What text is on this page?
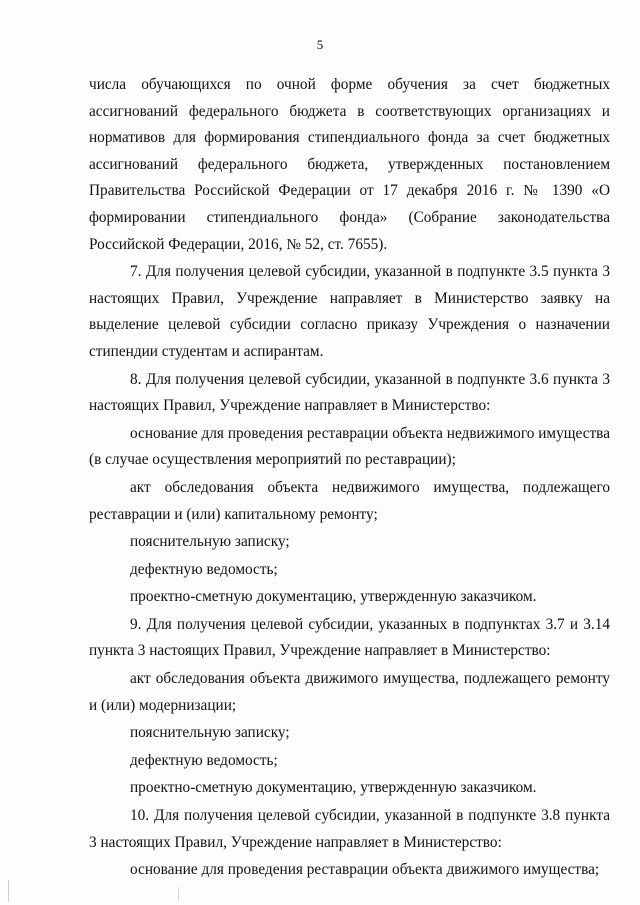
5

числа обучающихся по очной форме обучения за счет бюджетных ассигнований федерального бюджета в соответствующих организациях и нормативов для формирования стипендиального фонда за счет бюджетных ассигнований федерального бюджета, утвержденных постановлением Правительства Российской Федерации от 17 декабря 2016 г. № 1390 «О формировании стипендиального фонда» (Собрание законодательства Российской Федерации, 2016, № 52, ст. 7655).

7. Для получения целевой субсидии, указанной в подпункте 3.5 пункта 3 настоящих Правил, Учреждение направляет в Министерство заявку на выделение целевой субсидии согласно приказу Учреждения о назначении стипендии студентам и аспирантам.

8. Для получения целевой субсидии, указанной в подпункте 3.6 пункта 3 настоящих Правил, Учреждение направляет в Министерство:

основание для проведения реставрации объекта недвижимого имущества (в случае осуществления мероприятий по реставрации);

акт обследования объекта недвижимого имущества, подлежащего реставрации и (или) капитальному ремонту;

пояснительную записку;

дефектную ведомость;

проектно-сметную документацию, утвержденную заказчиком.

9. Для получения целевой субсидии, указанных в подпунктах 3.7 и 3.14 пункта 3 настоящих Правил, Учреждение направляет в Министерство:

акт обследования объекта движимого имущества, подлежащего ремонту и (или) модернизации;

пояснительную записку;

дефектную ведомость;

проектно-сметную документацию, утвержденную заказчиком.

10. Для получения целевой субсидии, указанной в подпункте 3.8 пункта 3 настоящих Правил, Учреждение направляет в Министерство:

основание для проведения реставрации объекта движимого имущества;
